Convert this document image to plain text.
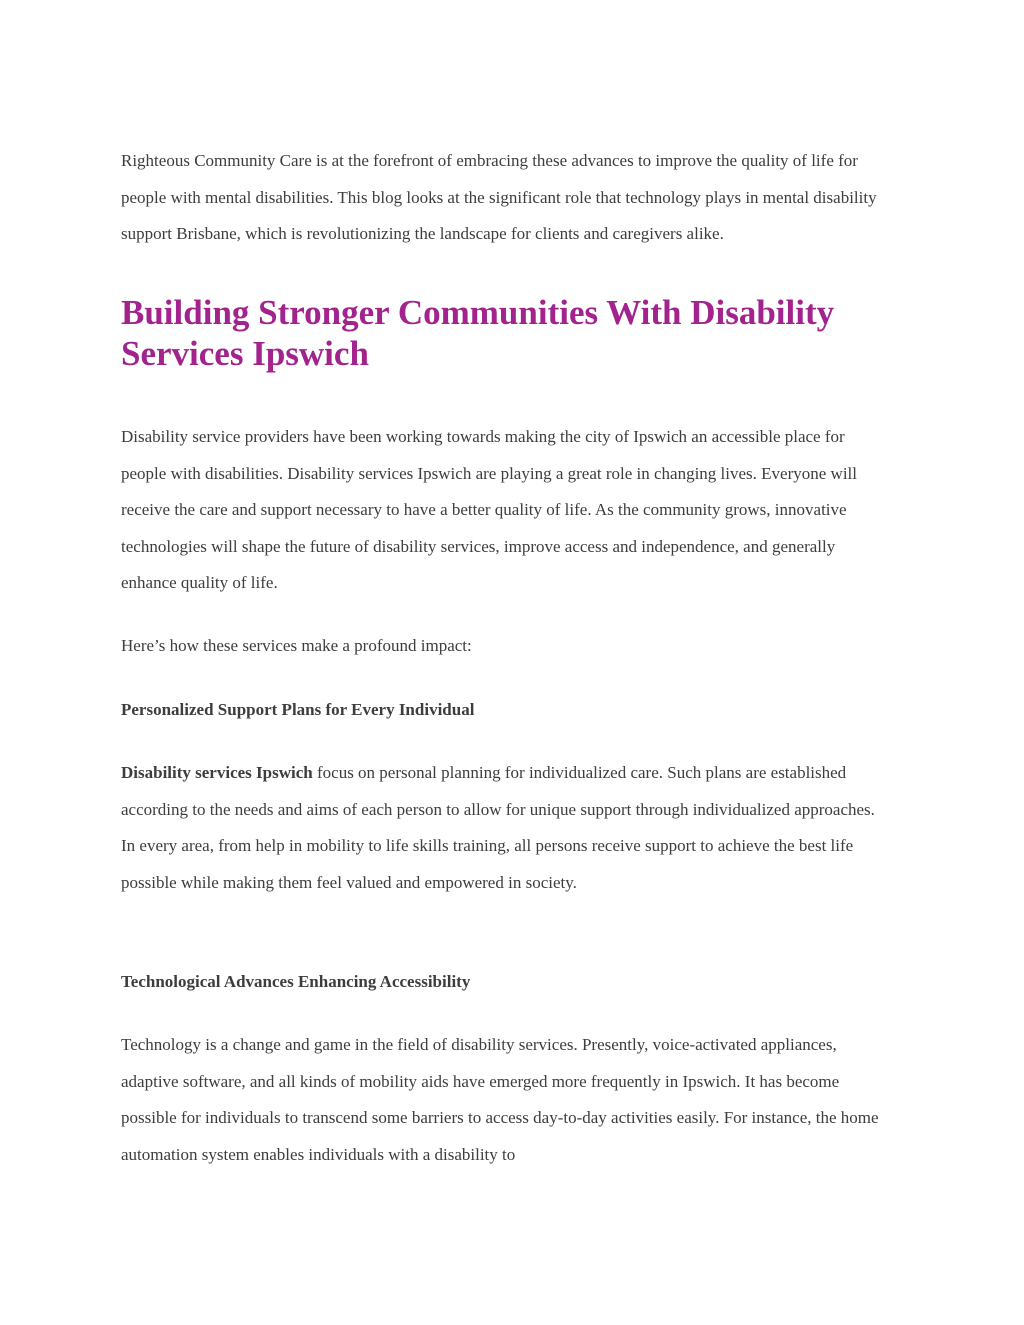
Righteous Community Care is at the forefront of embracing these advances to improve the quality of life for people with mental disabilities. This blog looks at the significant role that technology plays in mental disability support Brisbane, which is revolutionizing the landscape for clients and caregivers alike.

Building Stronger Communities With Disability Services Ipswich

Disability service providers have been working towards making the city of Ipswich an accessible place for people with disabilities. Disability services Ipswich are playing a great role in changing lives. Everyone will receive the care and support necessary to have a better quality of life. As the community grows, innovative technologies will shape the future of disability services, improve access and independence, and generally enhance quality of life.

Here’s how these services make a profound impact:

Personalized Support Plans for Every Individual

Disability services Ipswich focus on personal planning for individualized care. Such plans are established according to the needs and aims of each person to allow for unique support through individualized approaches. In every area, from help in mobility to life skills training, all persons receive support to achieve the best life possible while making them feel valued and empowered in society.

Technological Advances Enhancing Accessibility

Technology is a change and game in the field of disability services. Presently, voice-activated appliances, adaptive software, and all kinds of mobility aids have emerged more frequently in Ipswich. It has become possible for individuals to transcend some barriers to access day-to-day activities easily. For instance, the home automation system enables individuals with a disability to
